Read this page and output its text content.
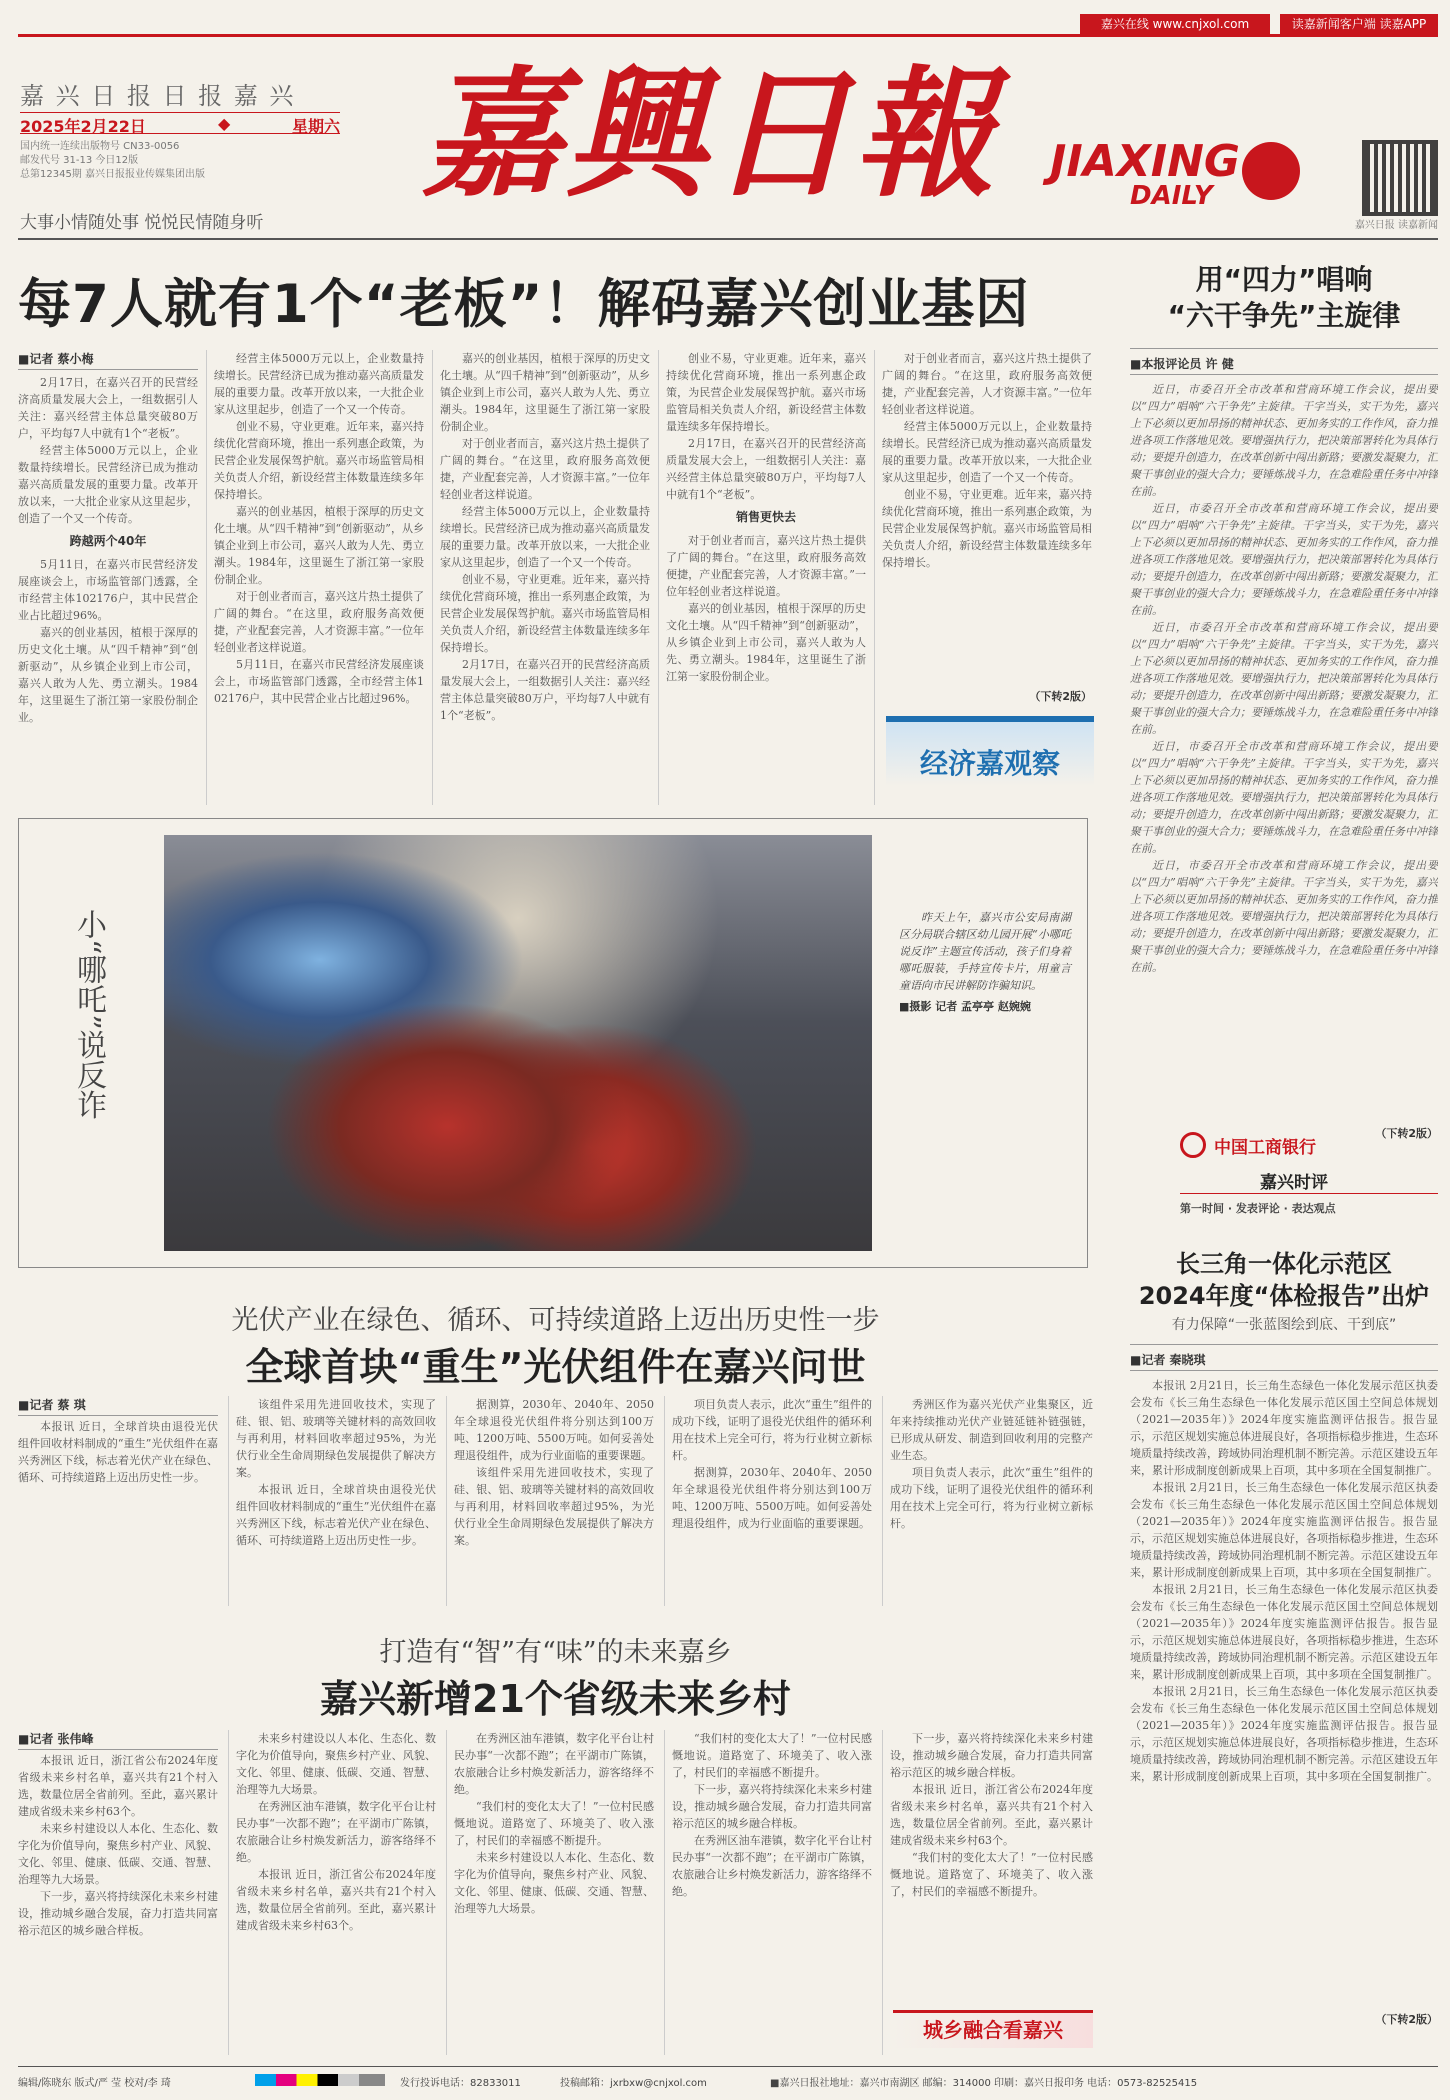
嘉兴在线 www.cnjxol.com	读嘉新闻客户端 读嘉APP
嘉 兴 日 报 日 报 嘉 兴
2025年2月22日	◆	星期六
国内统一连续出版物号 CN33-0056
邮发代号 31-13 今日12版
总第12345期 嘉兴日报报业传媒集团出版
大事小情随处事 悦悦民情随身听
嘉興日報	JIAXING
DAILY
嘉兴日报 读嘉新闻
每7人就有1个“老板”！解码嘉兴创业基因
■记者 蔡小梅

2月17日，在嘉兴召开的民营经济高质量发展大会上，一组数据引人关注：嘉兴经营主体总量突破80万户，平均每7人中就有1个“老板”。

经营主体5000万元以上，企业数量持续增长。民营经济已成为推动嘉兴高质量发展的重要力量。改革开放以来，一大批企业家从这里起步，创造了一个又一个传奇。

跨越两个40年

5月11日，在嘉兴市民营经济发展座谈会上，市场监管部门透露，全市经营主体102176户，其中民营企业占比超过96%。

嘉兴的创业基因，植根于深厚的历史文化土壤。从“四千精神”到“创新驱动”，从乡镇企业到上市公司，嘉兴人敢为人先、勇立潮头。1984年，这里诞生了浙江第一家股份制企业。

经营主体5000万元以上，企业数量持续增长。民营经济已成为推动嘉兴高质量发展的重要力量。改革开放以来，一大批企业家从这里起步，创造了一个又一个传奇。

创业不易，守业更难。近年来，嘉兴持续优化营商环境，推出一系列惠企政策，为民营企业发展保驾护航。嘉兴市场监管局相关负责人介绍，新设经营主体数量连续多年保持增长。

嘉兴的创业基因，植根于深厚的历史文化土壤。从“四千精神”到“创新驱动”，从乡镇企业到上市公司，嘉兴人敢为人先、勇立潮头。1984年，这里诞生了浙江第一家股份制企业。

对于创业者而言，嘉兴这片热土提供了广阔的舞台。“在这里，政府服务高效便捷，产业配套完善，人才资源丰富。”一位年轻创业者这样说道。

5月11日，在嘉兴市民营经济发展座谈会上，市场监管部门透露，全市经营主体102176户，其中民营企业占比超过96%。

嘉兴的创业基因，植根于深厚的历史文化土壤。从“四千精神”到“创新驱动”，从乡镇企业到上市公司，嘉兴人敢为人先、勇立潮头。1984年，这里诞生了浙江第一家股份制企业。

对于创业者而言，嘉兴这片热土提供了广阔的舞台。“在这里，政府服务高效便捷，产业配套完善，人才资源丰富。”一位年轻创业者这样说道。

经营主体5000万元以上，企业数量持续增长。民营经济已成为推动嘉兴高质量发展的重要力量。改革开放以来，一大批企业家从这里起步，创造了一个又一个传奇。

创业不易，守业更难。近年来，嘉兴持续优化营商环境，推出一系列惠企政策，为民营企业发展保驾护航。嘉兴市场监管局相关负责人介绍，新设经营主体数量连续多年保持增长。

2月17日，在嘉兴召开的民营经济高质量发展大会上，一组数据引人关注：嘉兴经营主体总量突破80万户，平均每7人中就有1个“老板”。

创业不易，守业更难。近年来，嘉兴持续优化营商环境，推出一系列惠企政策，为民营企业发展保驾护航。嘉兴市场监管局相关负责人介绍，新设经营主体数量连续多年保持增长。

2月17日，在嘉兴召开的民营经济高质量发展大会上，一组数据引人关注：嘉兴经营主体总量突破80万户，平均每7人中就有1个“老板”。

销售更快去

对于创业者而言，嘉兴这片热土提供了广阔的舞台。“在这里，政府服务高效便捷，产业配套完善，人才资源丰富。”一位年轻创业者这样说道。

嘉兴的创业基因，植根于深厚的历史文化土壤。从“四千精神”到“创新驱动”，从乡镇企业到上市公司，嘉兴人敢为人先、勇立潮头。1984年，这里诞生了浙江第一家股份制企业。

对于创业者而言，嘉兴这片热土提供了广阔的舞台。“在这里，政府服务高效便捷，产业配套完善，人才资源丰富。”一位年轻创业者这样说道。

经营主体5000万元以上，企业数量持续增长。民营经济已成为推动嘉兴高质量发展的重要力量。改革开放以来，一大批企业家从这里起步，创造了一个又一个传奇。

创业不易，守业更难。近年来，嘉兴持续优化营商环境，推出一系列惠企政策，为民营企业发展保驾护航。嘉兴市场监管局相关负责人介绍，新设经营主体数量连续多年保持增长。

（下转2版）
经济嘉观察
用“四力”唱响
“六干争先”主旋律
■本报评论员 许 健

近日，市委召开全市改革和营商环境工作会议，提出要以“四力”唱响“六干争先”主旋律。干字当头，实干为先，嘉兴上下必须以更加昂扬的精神状态、更加务实的工作作风，奋力推进各项工作落地见效。要增强执行力，把决策部署转化为具体行动；要提升创造力，在改革创新中闯出新路；要激发凝聚力，汇聚干事创业的强大合力；要锤炼战斗力，在急难险重任务中冲锋在前。

近日，市委召开全市改革和营商环境工作会议，提出要以“四力”唱响“六干争先”主旋律。干字当头，实干为先，嘉兴上下必须以更加昂扬的精神状态、更加务实的工作作风，奋力推进各项工作落地见效。要增强执行力，把决策部署转化为具体行动；要提升创造力，在改革创新中闯出新路；要激发凝聚力，汇聚干事创业的强大合力；要锤炼战斗力，在急难险重任务中冲锋在前。

近日，市委召开全市改革和营商环境工作会议，提出要以“四力”唱响“六干争先”主旋律。干字当头，实干为先，嘉兴上下必须以更加昂扬的精神状态、更加务实的工作作风，奋力推进各项工作落地见效。要增强执行力，把决策部署转化为具体行动；要提升创造力，在改革创新中闯出新路；要激发凝聚力，汇聚干事创业的强大合力；要锤炼战斗力，在急难险重任务中冲锋在前。

近日，市委召开全市改革和营商环境工作会议，提出要以“四力”唱响“六干争先”主旋律。干字当头，实干为先，嘉兴上下必须以更加昂扬的精神状态、更加务实的工作作风，奋力推进各项工作落地见效。要增强执行力，把决策部署转化为具体行动；要提升创造力，在改革创新中闯出新路；要激发凝聚力，汇聚干事创业的强大合力；要锤炼战斗力，在急难险重任务中冲锋在前。

近日，市委召开全市改革和营商环境工作会议，提出要以“四力”唱响“六干争先”主旋律。干字当头，实干为先，嘉兴上下必须以更加昂扬的精神状态、更加务实的工作作风，奋力推进各项工作落地见效。要增强执行力，把决策部署转化为具体行动；要提升创造力，在改革创新中闯出新路；要激发凝聚力，汇聚干事创业的强大合力；要锤炼战斗力，在急难险重任务中冲锋在前。

（下转2版）
中国工商银行
嘉兴时评
第一时间 · 发表评论 · 表达观点
小“哪吒”说反诈	昨天上午，嘉兴市公安局南湖区分局联合辖区幼儿园开展“小哪吒说反诈”主题宣传活动，孩子们身着哪吒服装，手持宣传卡片，用童言童语向市民讲解防诈骗知识。

■摄影 记者 孟亭亭 赵婉婉
长三角一体化示范区
2024年度“体检报告”出炉
有力保障“一张蓝图绘到底、干到底”
■记者 秦晓琪

本报讯 2月21日，长三角生态绿色一体化发展示范区执委会发布《长三角生态绿色一体化发展示范区国土空间总体规划（2021—2035年）》2024年度实施监测评估报告。报告显示，示范区规划实施总体进展良好，各项指标稳步推进，生态环境质量持续改善，跨域协同治理机制不断完善。示范区建设五年来，累计形成制度创新成果上百项，其中多项在全国复制推广。

本报讯 2月21日，长三角生态绿色一体化发展示范区执委会发布《长三角生态绿色一体化发展示范区国土空间总体规划（2021—2035年）》2024年度实施监测评估报告。报告显示，示范区规划实施总体进展良好，各项指标稳步推进，生态环境质量持续改善，跨域协同治理机制不断完善。示范区建设五年来，累计形成制度创新成果上百项，其中多项在全国复制推广。

本报讯 2月21日，长三角生态绿色一体化发展示范区执委会发布《长三角生态绿色一体化发展示范区国土空间总体规划（2021—2035年）》2024年度实施监测评估报告。报告显示，示范区规划实施总体进展良好，各项指标稳步推进，生态环境质量持续改善，跨域协同治理机制不断完善。示范区建设五年来，累计形成制度创新成果上百项，其中多项在全国复制推广。

本报讯 2月21日，长三角生态绿色一体化发展示范区执委会发布《长三角生态绿色一体化发展示范区国土空间总体规划（2021—2035年）》2024年度实施监测评估报告。报告显示，示范区规划实施总体进展良好，各项指标稳步推进，生态环境质量持续改善，跨域协同治理机制不断完善。示范区建设五年来，累计形成制度创新成果上百项，其中多项在全国复制推广。

（下转2版）
光伏产业在绿色、循环、可持续道路上迈出历史性一步
全球首块“重生”光伏组件在嘉兴问世
■记者 蔡 琪

本报讯 近日，全球首块由退役光伏组件回收材料制成的“重生”光伏组件在嘉兴秀洲区下线，标志着光伏产业在绿色、循环、可持续道路上迈出历史性一步。

该组件采用先进回收技术，实现了硅、银、铝、玻璃等关键材料的高效回收与再利用，材料回收率超过95%，为光伏行业全生命周期绿色发展提供了解决方案。

本报讯 近日，全球首块由退役光伏组件回收材料制成的“重生”光伏组件在嘉兴秀洲区下线，标志着光伏产业在绿色、循环、可持续道路上迈出历史性一步。

据测算，2030年、2040年、2050年全球退役光伏组件将分别达到100万吨、1200万吨、5500万吨。如何妥善处理退役组件，成为行业面临的重要课题。

该组件采用先进回收技术，实现了硅、银、铝、玻璃等关键材料的高效回收与再利用，材料回收率超过95%，为光伏行业全生命周期绿色发展提供了解决方案。

项目负责人表示，此次“重生”组件的成功下线，证明了退役光伏组件的循环利用在技术上完全可行，将为行业树立新标杆。

据测算，2030年、2040年、2050年全球退役光伏组件将分别达到100万吨、1200万吨、5500万吨。如何妥善处理退役组件，成为行业面临的重要课题。

秀洲区作为嘉兴光伏产业集聚区，近年来持续推动光伏产业链延链补链强链，已形成从研发、制造到回收利用的完整产业生态。

项目负责人表示，此次“重生”组件的成功下线，证明了退役光伏组件的循环利用在技术上完全可行，将为行业树立新标杆。

打造有“智”有“味”的未来嘉乡
嘉兴新增21个省级未来乡村
■记者 张伟峰

本报讯 近日，浙江省公布2024年度省级未来乡村名单，嘉兴共有21个村入选，数量位居全省前列。至此，嘉兴累计建成省级未来乡村63个。

未来乡村建设以人本化、生态化、数字化为价值导向，聚焦乡村产业、风貌、文化、邻里、健康、低碳、交通、智慧、治理等九大场景。

下一步，嘉兴将持续深化未来乡村建设，推动城乡融合发展，奋力打造共同富裕示范区的城乡融合样板。

未来乡村建设以人本化、生态化、数字化为价值导向，聚焦乡村产业、风貌、文化、邻里、健康、低碳、交通、智慧、治理等九大场景。

在秀洲区油车港镇，数字化平台让村民办事“一次都不跑”；在平湖市广陈镇，农旅融合让乡村焕发新活力，游客络绎不绝。

本报讯 近日，浙江省公布2024年度省级未来乡村名单，嘉兴共有21个村入选，数量位居全省前列。至此，嘉兴累计建成省级未来乡村63个。

在秀洲区油车港镇，数字化平台让村民办事“一次都不跑”；在平湖市广陈镇，农旅融合让乡村焕发新活力，游客络绎不绝。

“我们村的变化太大了！”一位村民感慨地说。道路宽了、环境美了、收入涨了，村民们的幸福感不断提升。

未来乡村建设以人本化、生态化、数字化为价值导向，聚焦乡村产业、风貌、文化、邻里、健康、低碳、交通、智慧、治理等九大场景。

“我们村的变化太大了！”一位村民感慨地说。道路宽了、环境美了、收入涨了，村民们的幸福感不断提升。

下一步，嘉兴将持续深化未来乡村建设，推动城乡融合发展，奋力打造共同富裕示范区的城乡融合样板。

在秀洲区油车港镇，数字化平台让村民办事“一次都不跑”；在平湖市广陈镇，农旅融合让乡村焕发新活力，游客络绎不绝。

下一步，嘉兴将持续深化未来乡村建设，推动城乡融合发展，奋力打造共同富裕示范区的城乡融合样板。

本报讯 近日，浙江省公布2024年度省级未来乡村名单，嘉兴共有21个村入选，数量位居全省前列。至此，嘉兴累计建成省级未来乡村63个。

“我们村的变化太大了！”一位村民感慨地说。道路宽了、环境美了、收入涨了，村民们的幸福感不断提升。

城乡融合看嘉兴
编辑/陈晓东 版式/严 莹 校对/李 琦	发行投诉电话：82833011	投稿邮箱：jxrbxw@cnjxol.com	■嘉兴日报社地址：嘉兴市南湖区 邮编：314000 印刷：嘉兴日报印务 电话：0573-82525415
